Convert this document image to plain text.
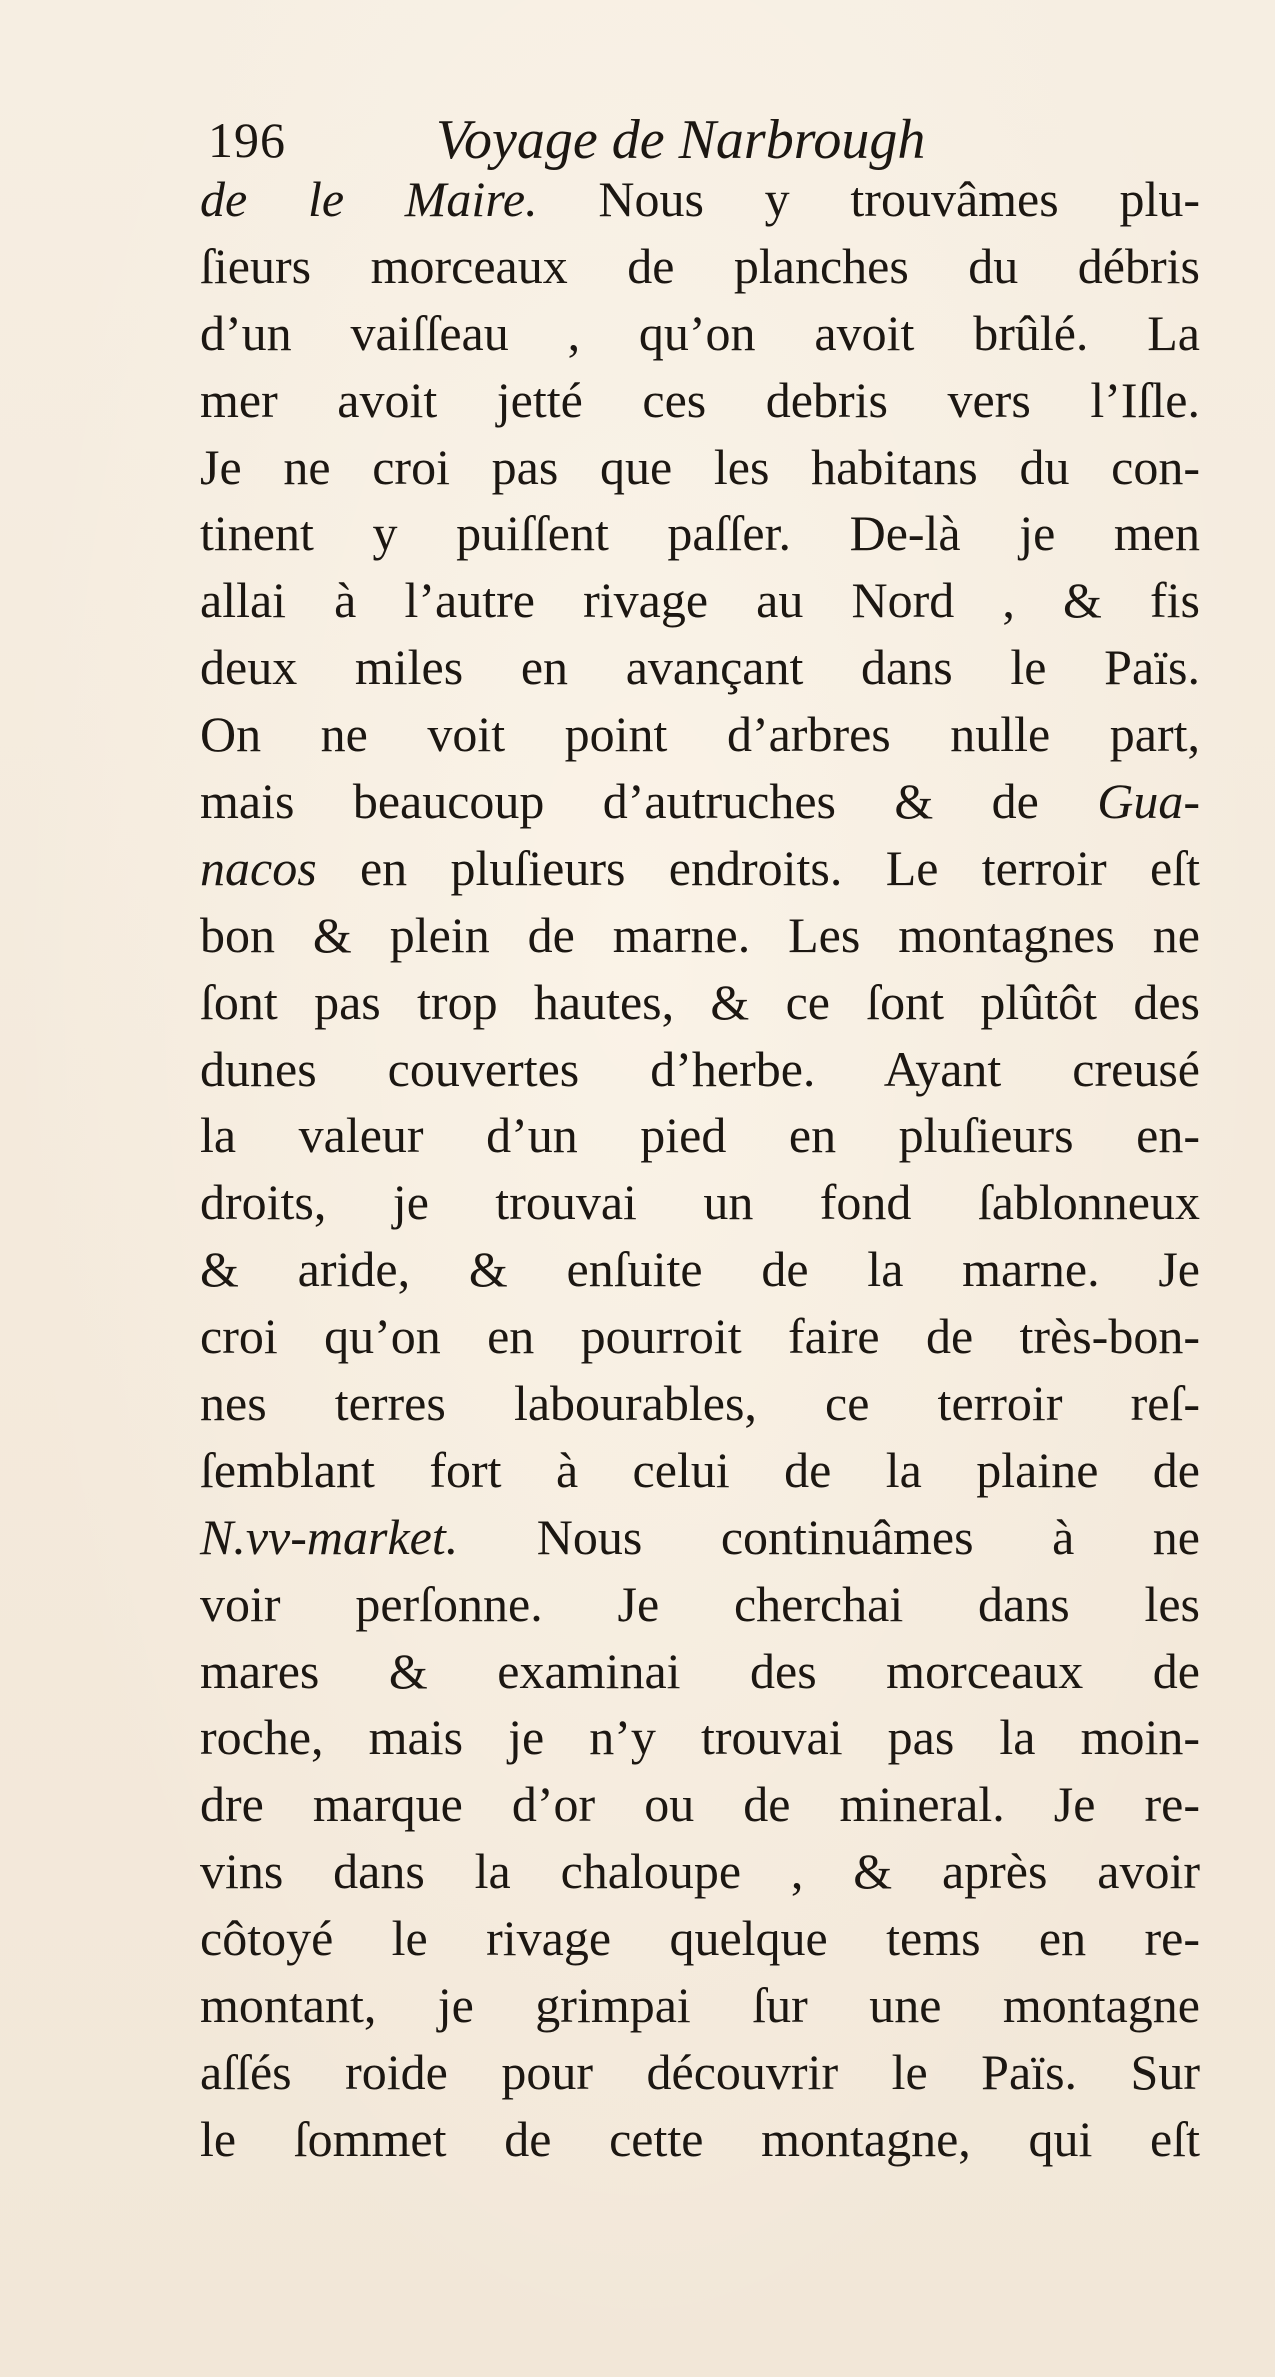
196	Voyage de Narbrough
de le Maire. Nous y trouvâmes plu-
ſieurs morceaux de planches du débris
d’un vaiſſeau , qu’on avoit brûlé. La
mer avoit jetté ces debris vers l’Iſle.
Je ne croi pas que les habitans du con-
tinent y puiſſent paſſer. De-là je men
allai à l’autre rivage au Nord , & fis
deux miles en avançant dans le Païs.
On ne voit point d’arbres nulle part,
mais beaucoup d’autruches & de Gua-
nacos en pluſieurs endroits. Le terroir eſt
bon & plein de marne. Les montagnes ne
ſont pas trop hautes, & ce ſont plûtôt des
dunes couvertes d’herbe. Ayant creusé
la valeur d’un pied en pluſieurs en-
droits, je trouvai un fond ſablonneux
& aride, & enſuite de la marne. Je
croi qu’on en pourroit faire de très-bon-
nes terres labourables, ce terroir reſ-
ſemblant fort à celui de la plaine de
N.vv-market. Nous continuâmes à ne
voir perſonne. Je cherchai dans les
mares & examinai des morceaux de
roche, mais je n’y trouvai pas la moin-
dre marque d’or ou de mineral. Je re-
vins dans la chaloupe , & après avoir
côtoyé le rivage quelque tems en re-
montant, je grimpai ſur une montagne
aſſés roide pour découvrir le Païs. Sur
le ſommet de cette montagne, qui eſt
